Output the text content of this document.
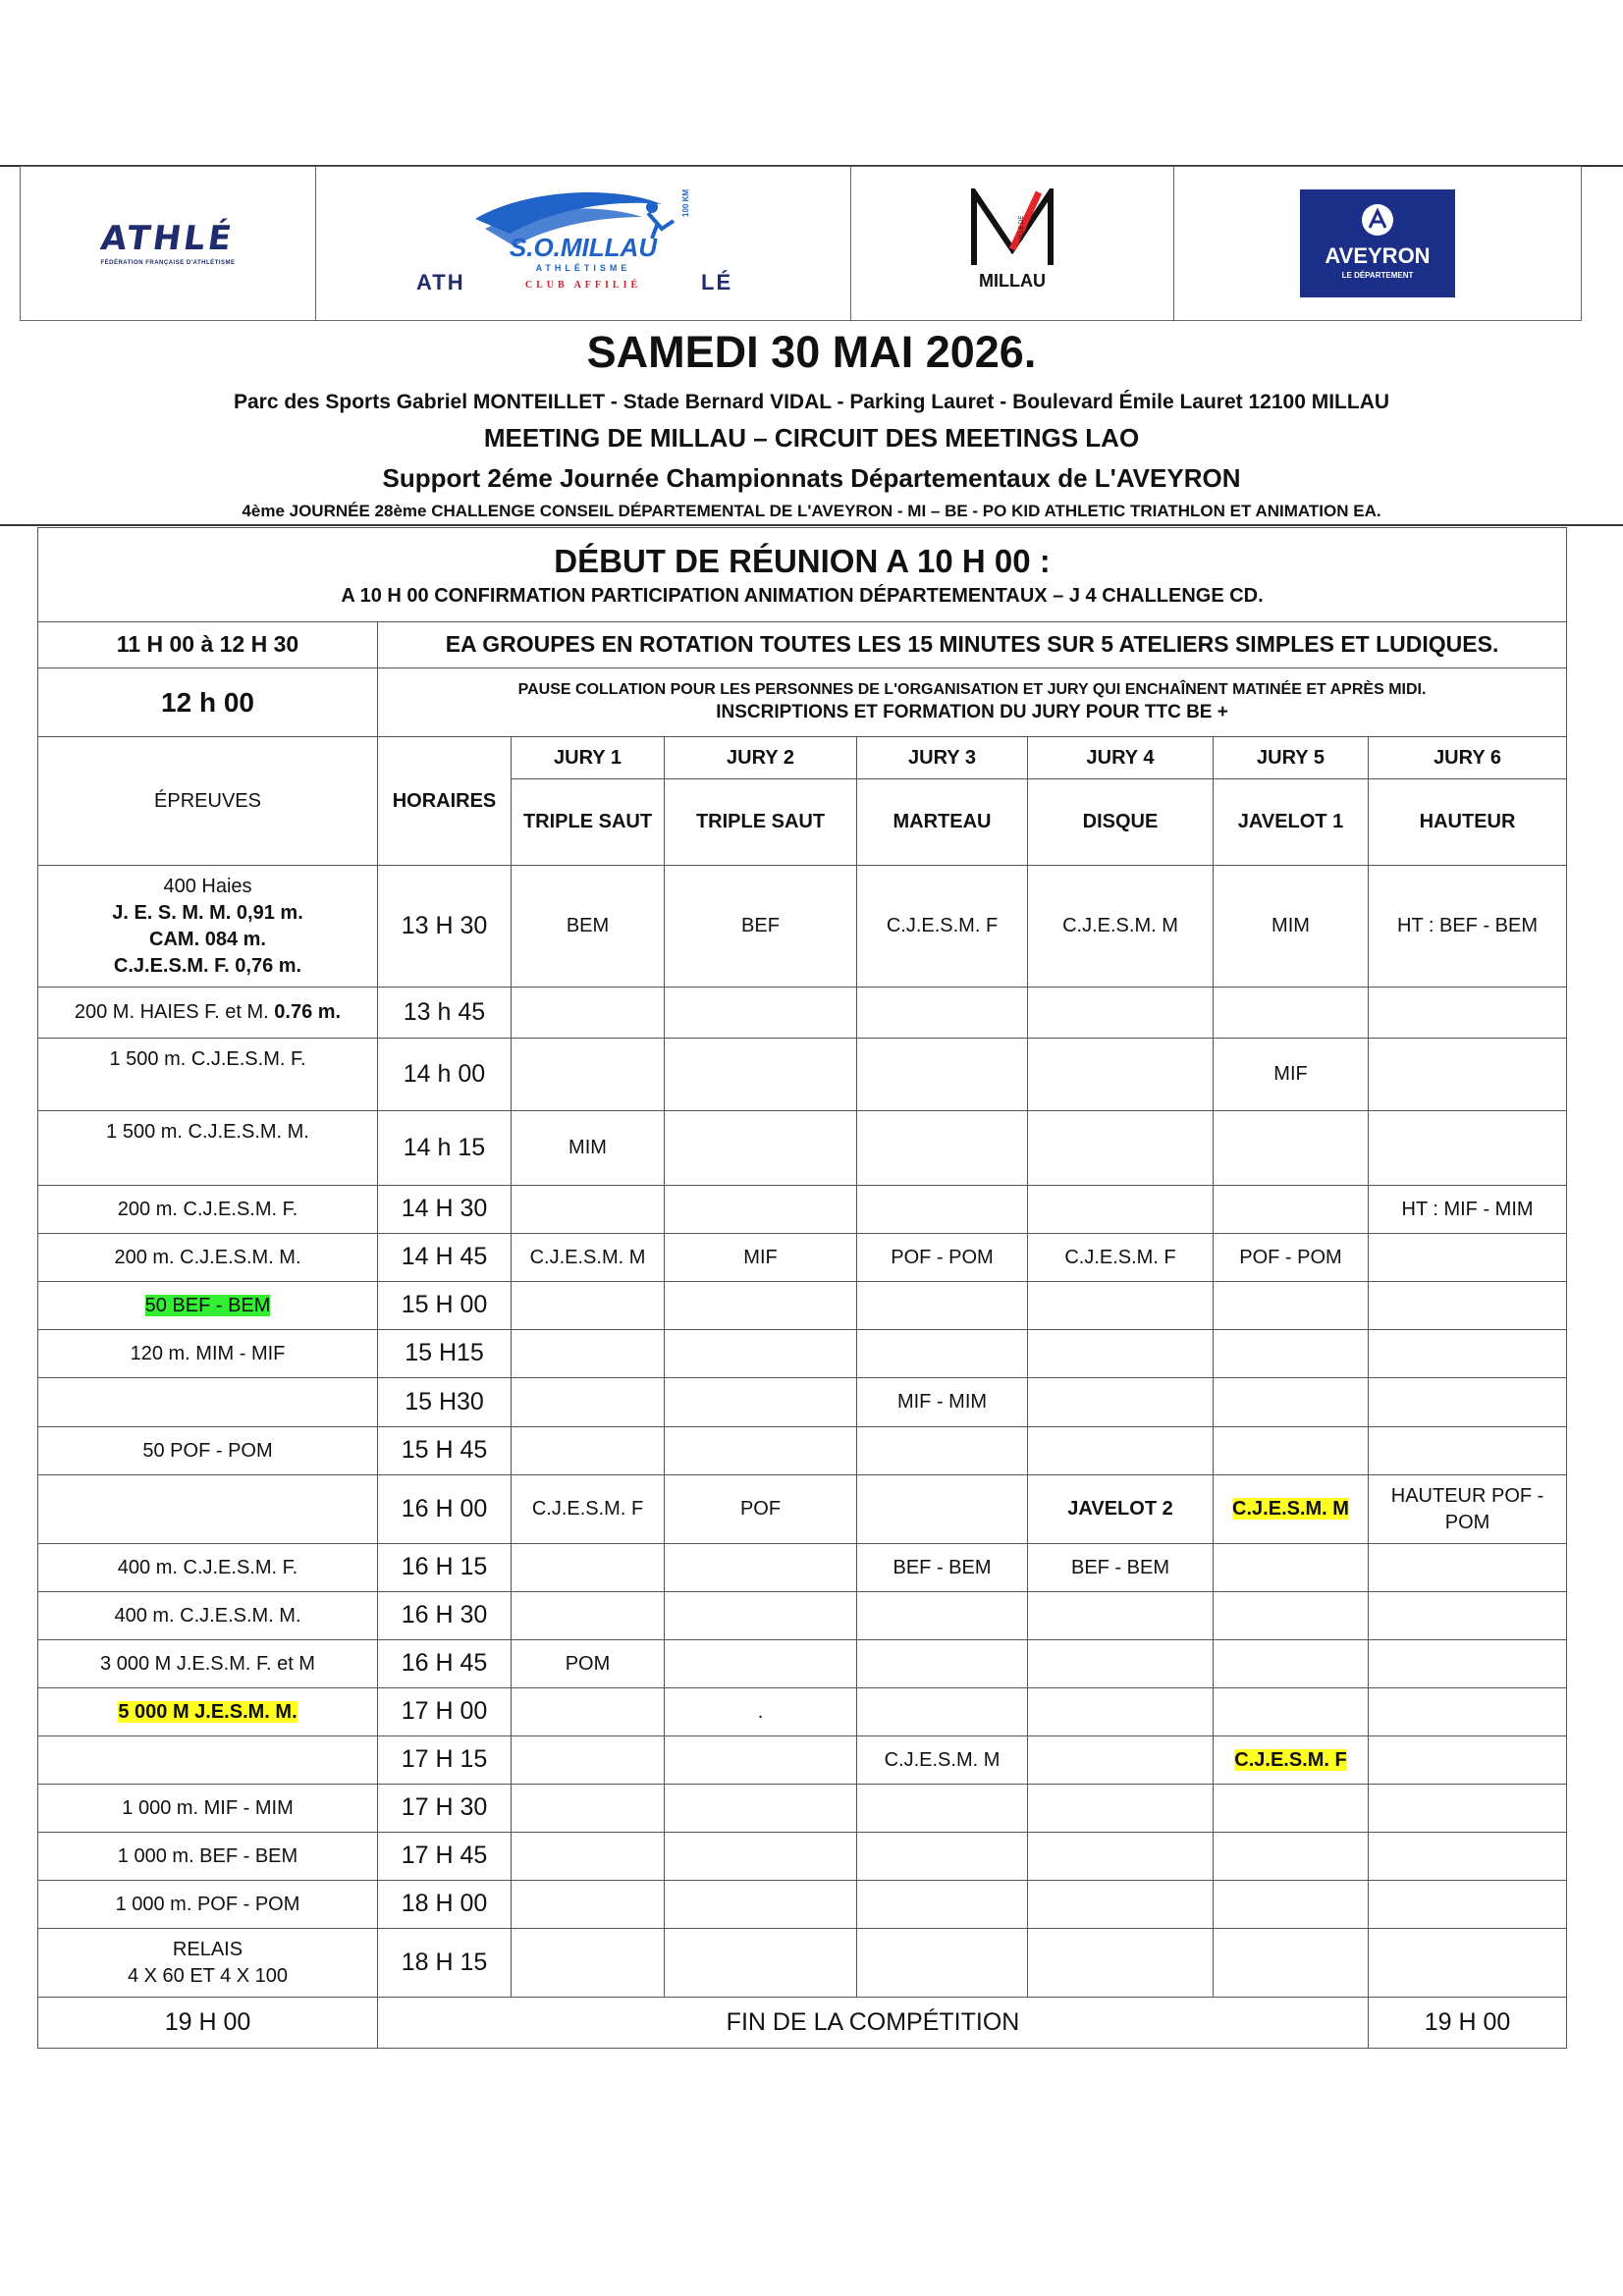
ATHLÉ
FÉDÉRATION FRANÇAISE D'ATHLÉTISME

100 KM
S.O.MILLAU
ATHLÉTISME
ATH	LÉ
CLUB AFFILIÉ

VILLE DE
MILLAU

AVEYRON
LE DÉPARTEMENT
SAMEDI 30 MAI 2026.
Parc des Sports Gabriel MONTEILLET - Stade Bernard VIDAL - Parking Lauret - Boulevard Émile Lauret 12100 MILLAU
MEETING DE MILLAU – CIRCUIT DES MEETINGS LAO
Support 2éme Journée Championnats Départementaux de L'AVEYRON
4ème JOURNÉE 28ème CHALLENGE CONSEIL DÉPARTEMENTAL DE L'AVEYRON - MI – BE - PO KID ATHLETIC TRIATHLON ET ANIMATION EA.
DÉBUT DE RÉUNION A 10 H 00 :
A 10 H 00 CONFIRMATION PARTICIPATION ANIMATION DÉPARTEMENTAUX – J 4 CHALLENGE CD.							

11 H 00 à 12 H 30	EA GROUPES EN ROTATION TOUTES LES 15 MINUTES SUR 5 ATELIERS SIMPLES ET LUDIQUES.						
12 h 00	PAUSE COLLATION POUR LES PERSONNES DE L'ORGANISATION ET JURY QUI ENCHAÎNENT MATINÉE ET APRÈS MIDI.
INSCRIPTIONS ET FORMATION DU JURY POUR TTC BE +						

ÉPREUVES	HORAIRES	JURY 1	JURY 2	JURY 3	JURY 4	JURY 5	JURY 6
		TRIPLE SAUT	TRIPLE SAUT	MARTEAU	DISQUE	JAVELOT 1	HAUTEUR

400 Haies
J. E. S. M. M. 0,91 m.
CAM. 084 m.
C.J.E.S.M. F. 0,76 m.	13 H 30	BEM	BEF	C.J.E.S.M. F	C.J.E.S.M. M	MIM	HT : BEF - BEM
200 M. HAIES F. et M. 0.76 m.	13 h 45						
1 500 m. C.J.E.S.M. F.	14 h 00					MIF	
1 500 m. C.J.E.S.M. M.	14 h 15	MIM					
200 m. C.J.E.S.M. F.	14 H 30						HT : MIF - MIM
200 m. C.J.E.S.M. M.	14 H 45	C.J.E.S.M. M	MIF	POF - POM	C.J.E.S.M. F	POF - POM	
50 BEF - BEM	15 H 00						
120 m. MIM - MIF	15 H15						
	15 H30			MIF - MIM			
50 POF - POM	15 H 45						
	16 H 00	C.J.E.S.M. F	POF		JAVELOT 2	C.J.E.S.M. M	HAUTEUR POF - POM
400 m. C.J.E.S.M. F.	16 H 15			BEF - BEM	BEF - BEM		
400 m. C.J.E.S.M. M.	16 H 30						
3 000 M J.E.S.M. F. et M	16 H 45	POM					
5 000 M J.E.S.M. M.	17 H 00		.				
	17 H 15			C.J.E.S.M. M		C.J.E.S.M. F	
1 000 m. MIF - MIM	17 H 30						
1 000 m. BEF - BEM	17 H 45						
1 000 m. POF - POM	18 H 00						

RELAIS
4 X 60 ET 4 X 100	18 H 15						
19 H 00	FIN DE LA COMPÉTITION						19 H 00
